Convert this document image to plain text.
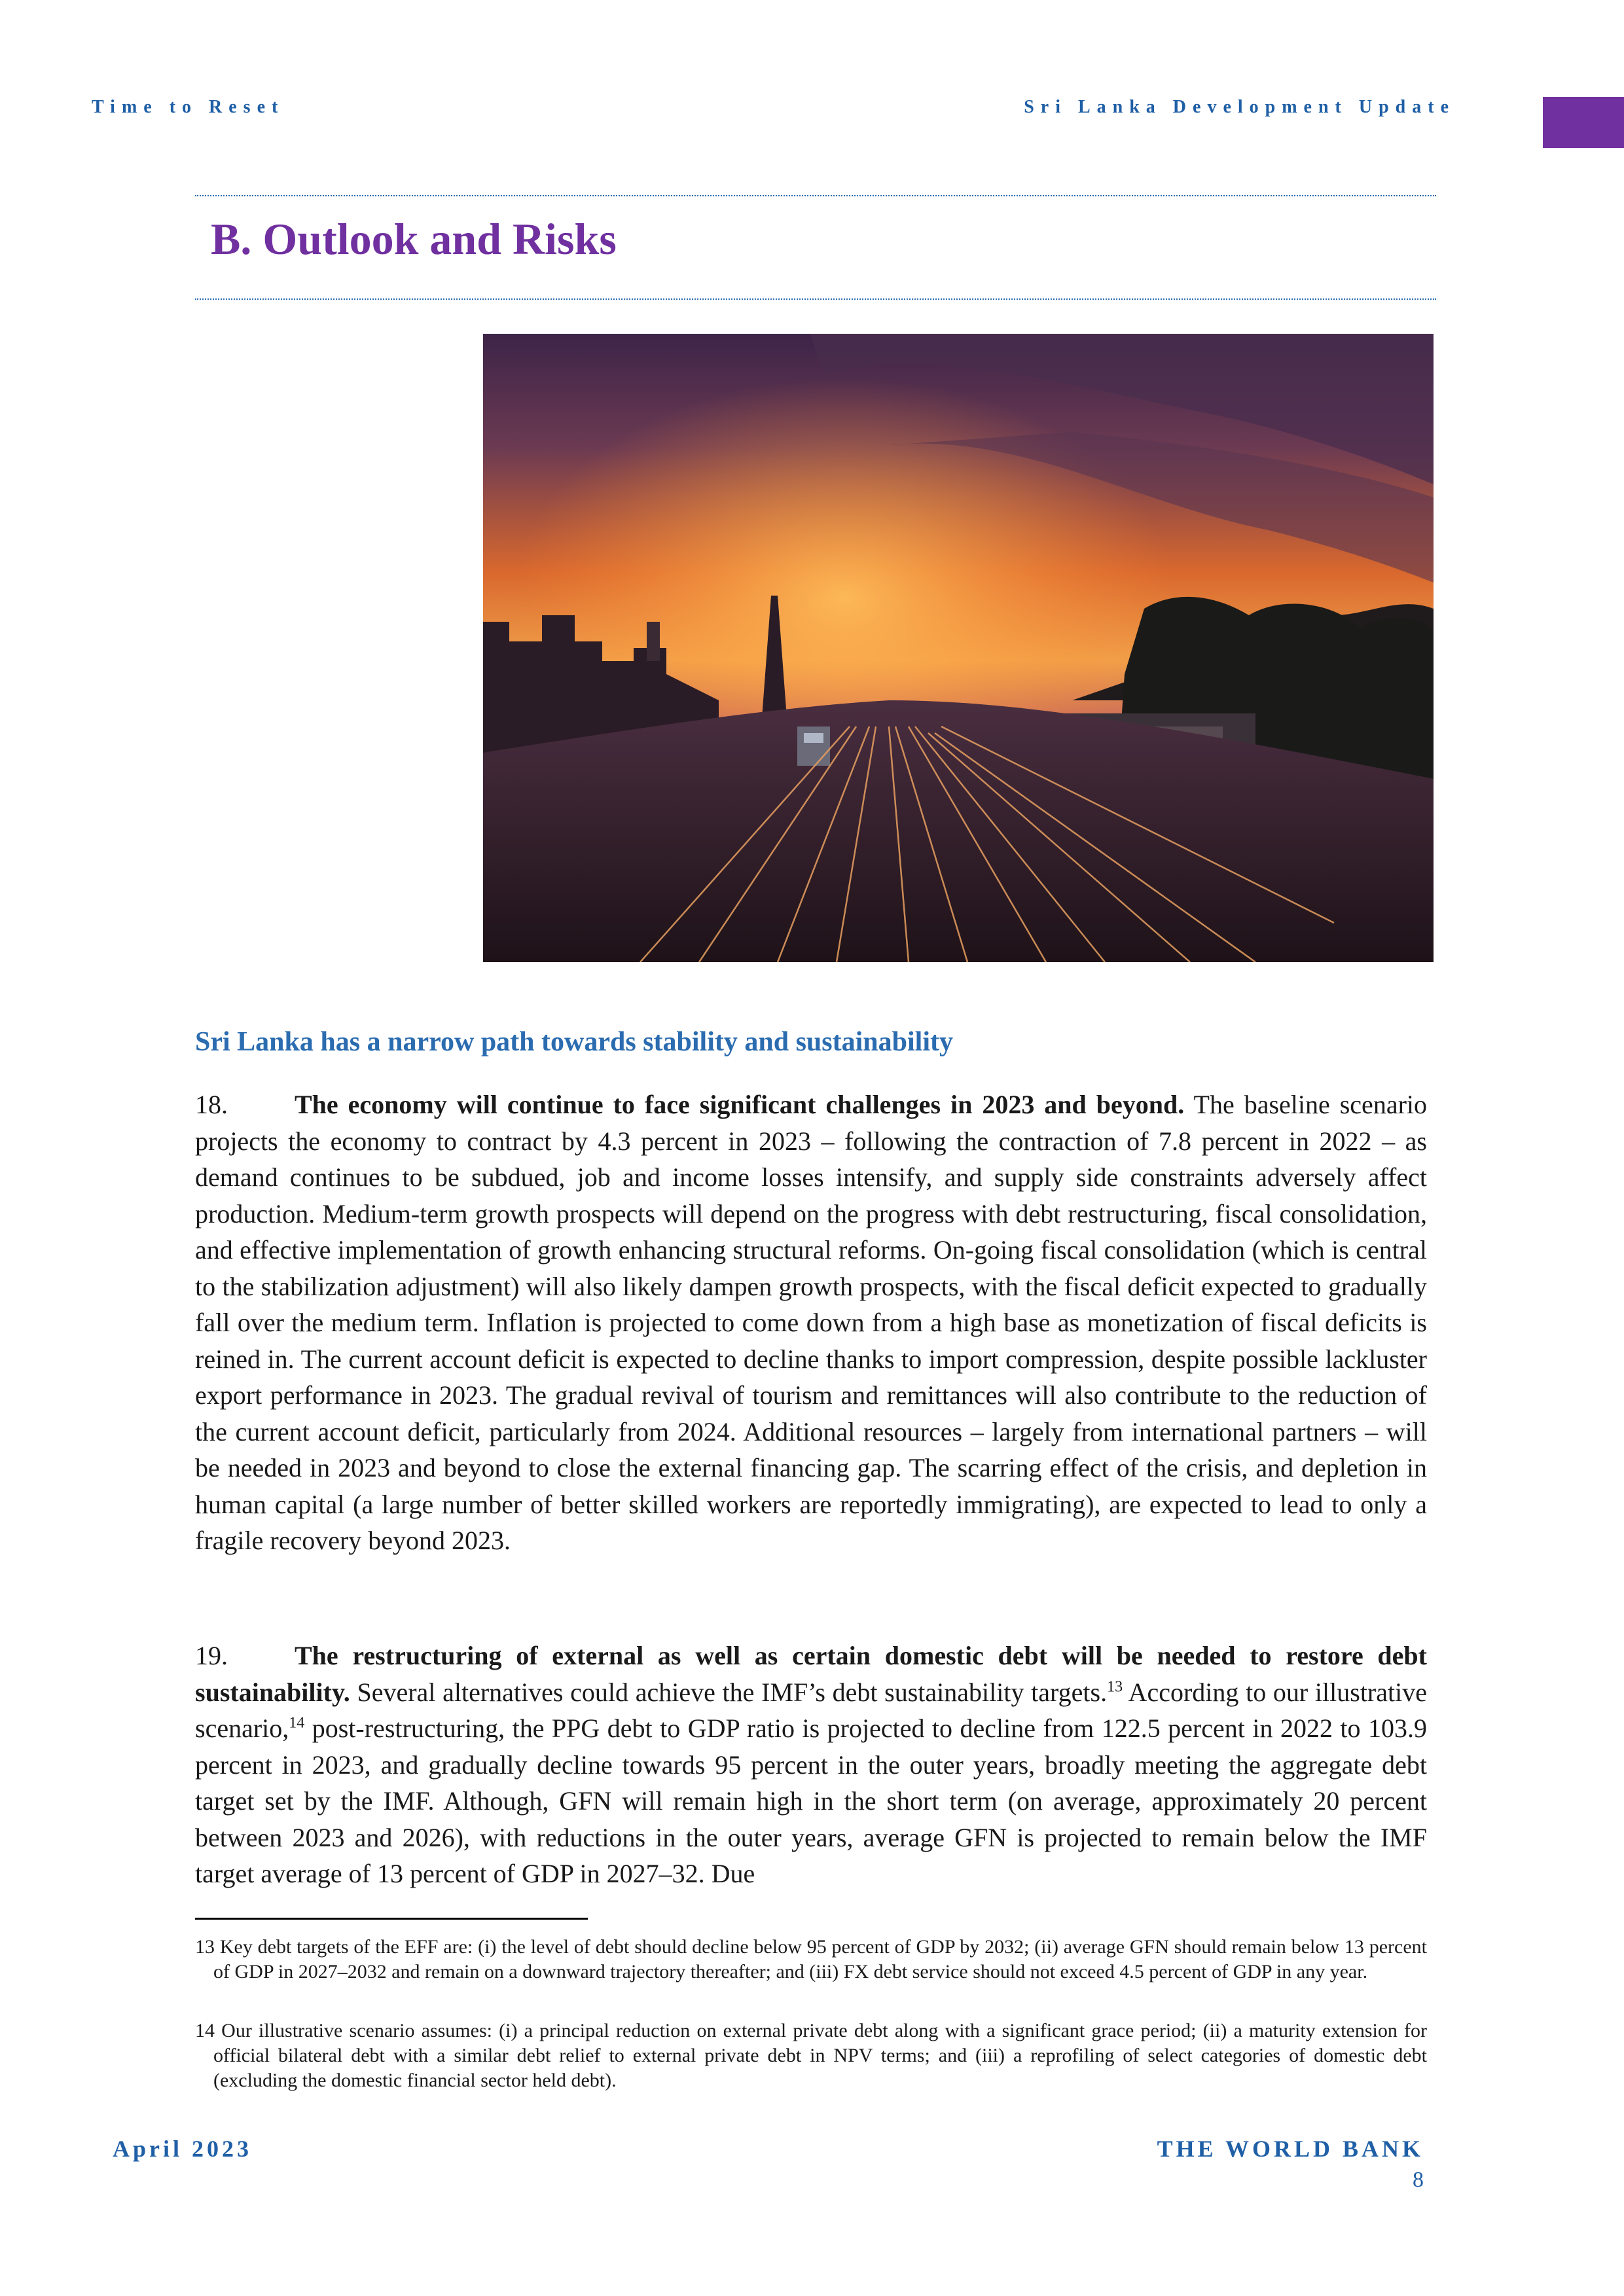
Time to Reset	Sri Lanka Development Update
B. Outlook and Risks
Sri Lanka has a narrow path towards stability and sustainability
18.	The economy will continue to face significant challenges in 2023 and beyond. The baseline scenario projects the economy to contract by 4.3 percent in 2023 – following the contraction of 7.8 percent in 2022 – as demand continues to be subdued, job and income losses intensify, and supply side constraints adversely affect production. Medium-term growth prospects will depend on the progress with debt restructuring, fiscal consolidation, and effective implementation of growth enhancing structural reforms. On-going fiscal consolidation (which is central to the stabilization adjustment) will also likely dampen growth prospects, with the fiscal deficit expected to gradually fall over the medium term. Inflation is projected to come down from a high base as monetization of fiscal deficits is reined in. The current account deficit is expected to decline thanks to import compression, despite possible lackluster export performance in 2023. The gradual revival of tourism and remittances will also contribute to the reduction of the current account deficit, particularly from 2024. Additional resources – largely from international partners – will be needed in 2023 and beyond to close the external financing gap. The scarring effect of the crisis, and depletion in human capital (a large number of better skilled workers are reportedly immigrating), are expected to lead to only a fragile recovery beyond 2023.
19.	The restructuring of external as well as certain domestic debt will be needed to restore debt sustainability. Several alternatives could achieve the IMF’s debt sustainability targets.$^{13}$ According to our illustrative scenario,$^{14}$ post-restructuring, the PPG debt to GDP ratio is projected to decline from 122.5 percent in 2022 to 103.9 percent in 2023, and gradually decline towards 95 percent in the outer years, broadly meeting the aggregate debt target set by the IMF. Although, GFN will remain high in the short term (on average, approximately 20 percent between 2023 and 2026), with reductions in the outer years, average GFN is projected to remain below the IMF target average of 13 percent of GDP in 2027–32. Due
13 Key debt targets of the EFF are: (i) the level of debt should decline below 95 percent of GDP by 2032; (ii) average GFN should remain below 13 percent of GDP in 2027–2032 and remain on a downward trajectory thereafter; and (iii) FX debt service should not exceed 4.5 percent of GDP in any year.
14 Our illustrative scenario assumes: (i) a principal reduction on external private debt along with a significant grace period; (ii) a maturity extension for official bilateral debt with a similar debt relief to external private debt in NPV terms; and (iii) a reprofiling of select categories of domestic debt (excluding the domestic financial sector held debt).
April 2023	THE WORLD BANK
8
